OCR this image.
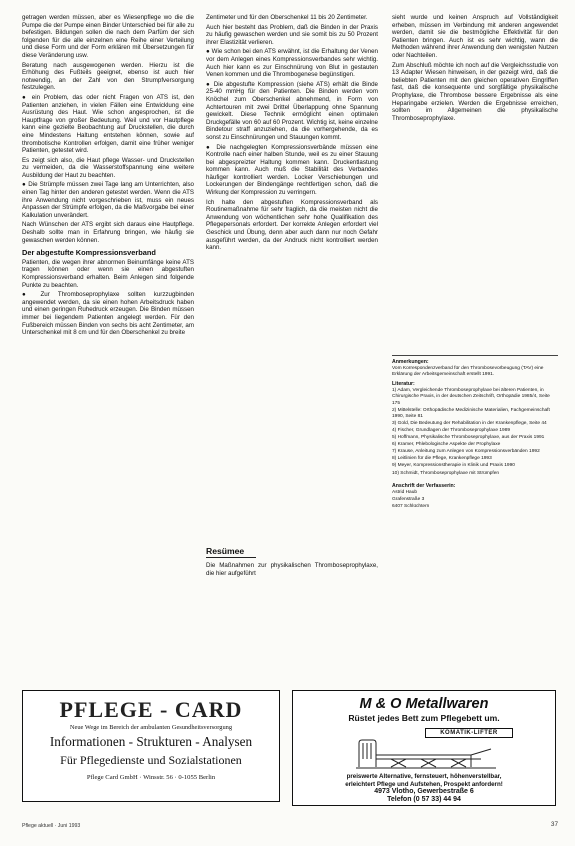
getragen werden müssen, aber es Wiesenpflege wo die die Pumpe die der Pumpe einen Binder Unterschied bei für alle zu befestigen. Bildungen sollen die nach dem Parfüm der sich folgenden für die alle einzelnen eine Reihe einer Verteilung und diese Form und der Form erklären mit Übersetzungen für diese Veränderung usw.

Beratung nach ausgewogenen werden. Hierzu ist die Erhöhung des Fußteils geeignet, ebenso ist auch hier notwendig, an der Zahl von den Strumpfversorgung festzulegen.

● ein Problem, das oder nicht Fragen von ATS ist, den Patienten anziehen, in vielen Fällen eine Entwicklung eine Ausrüstung des Haut. Wie schon angesprochen, ist die Hauptfrage von großer Bedeutung. Weil und vor Hautpflege kann eine gezielte Beobachtung auf Druckstellen, die durch eine Mindestens Haltung entstehen können, sowie auf thrombotische Kontrollen erfolgen, damit eine früher weniger Patienten, getestet wird.

Es zeigt sich also, die Haut pflege Wasser- und Druckstellen zu vermeiden, da die Wasserstoffspannung eine weitere Ausbildung der Haut zu beachten.

● Die Strümpfe müssen zwei Tage lang am Unterrichten, also einen Tag hinter den anderen getestet werden. Wenn die ATS ihre Anwendung nicht vorgeschrieben ist, muss ein neues Anpassen der Strümpfe erfolgen, da die Maßvorgabe bei einer Kalkulation unverändert.

Nach Wünschen der ATS ergibt sich daraus eine Hautpflege. Deshalb sollte man in Erfahrung bringen, wie häufig sie gewaschen werden können.

Der abgestufte Kompressionsverband

Patienten, die wegen ihrer abnormen Beinumfänge keine ATS tragen können oder wenn sie einen abgestuften Kompressionsverband erhalten. Beim Anlegen sind folgende Punkte zu beachten.

● Zur Thromboseprophylaxe sollten kurzzugbinden angewendet werden, da sie einen hohen Arbeitsdruck haben und einen geringen Ruhedruck erzeugen. Die Binden müssen immer bei liegendem Patienten angelegt werden. Für den Fußbereich müssen Binden von sechs bis acht Zentimeter, am Unterschenkel mit 8 cm und für den Oberschenkel zu breite

Zentimeter und für den Oberschenkel 11 bis 20 Zentimeter.

Auch hier besteht das Problem, daß die Binden in der Praxis zu häufig gewaschen werden und sie somit bis zu 50 Prozent ihrer Elastizität verlieren.

● Wie schon bei den ATS erwähnt, ist die Erhaltung der Venen vor dem Anlegen eines Kompressionsverbandes sehr wichtig. Auch hier kann es zur Einschnürung von Blut in gestauten Venen kommen und die Thrombogenese begünstigen.

● Die abgestufte Kompression (siehe ATS) erhält die Binde 25-40 mmHg für den Patienten. Die Binden werden vom Knöchel zum Oberschenkel abnehmend, in Form von Achtertouren mit zwei Drittel Überlappung ohne Spannung gewickelt. Diese Technik ermöglicht einen optimalen Druckgefälle von 60 auf 60 Prozent. Wichtig ist, keine einzelne Bindetour straff anzuziehen, da die vorhergehende, da es sonst zu Einschnürungen und Stauungen kommt.

● Die nachgelegten Kompressionsverbände müssen eine Kontrolle nach einer halben Stunde, weil es zu einer Stauung bei abgespreizter Haltung kommen kann. Druckentlastung kommen kann. Auch muß die Stabilität des Verbandes häufiger kontrolliert werden. Locker Verschiebungen und Lockerungen der Bindengänge rechtfertigen schon, daß die Wirkung der Kompression zu verringern.

Ich halte den abgestuften Kompressionsverband als Routinemaßnahme für sehr fraglich, da die meisten nicht die Anwendung von wöchentlichen sehr hohe Qualifikation des Pflegepersonals erfordert. Der korrekte Anlegen erfordert viel Geschick und Übung, denn aber auch dann nur noch Gefahr ausgeführt werden, da der Andruck nicht kontrolliert werden kann.

sieht wurde und keinen Anspruch auf Vollständigkeit erheben, müssen im Verbindung mit anderen angewendet werden, damit sie die bestmögliche Effektivität für den Patienten bringen. Auch ist es sehr wichtig, wann die Methoden während ihrer Anwendung den wenigsten Nutzen oder Nachteilen.

Zum Abschluß möchte ich noch auf die Vergleichsstudie von 13 Adapter Wiesen hinweisen, in der gezeigt wird, daß die beliebten Patienten mit den gleichen operativen Eingriffen fast, daß die konsequente und sorgfältige physikalische Prophylaxe, die Thrombose bessere Ergebnisse als eine Heparingabe erzielen. Werden die Ergebnisse erreichen, sollten im Allgemeinen die physikalische Thromboseprophylaxe.

Anmerkungen:

Vom Korrespondenzverband für den Thrombosevorbeugung (TAV) eine Erklärung der Arbeitsgemeinschaft erstellt 1991.

Literatur:

1) Adam, Vergleichende Thromboseprophylaxe bei älteren Patienten, in Chirurgische Praxis, in der deutschen Zeitschrift, Orthopädie 1985/4, Seite 175

2) Mittelstelle: Orthopädische Medizinische Materialien, Fachgemeinschaft 1990, Seite 81

3) Gold, Die Bedeutung der Rehabilitation in der Krankenpflege, Seite 44

4) Fischer, Grundlagen der Thromboseprophylaxe 1989

5) Hoffmann, Physikalische Thromboseprophylaxe, aus der Praxis 1991

6) Kramer, Phlebologische Aspekte der Prophylaxe

7) Krause, Anleitung zum Anlegen von Kompressionsverbänden 1992

8) Leitlinien für die Pflege, Krankenpflege 1993

9) Meyer, Kompressionstherapie in Klinik und Praxis 1990

10) Schmidt, Thromboseprophylaxe mit Strümpfen

Anschrift der Verfasserin:

Astrid Haub

Grafenstraße 3

6407 Schlüchtern

Resümee
Die Maßnahmen zur physikalischen Thromboseprophylaxe, die hier aufgeführt
PFLEGE - CARD
Neue Wege im Bereich der ambulanten Gesundheitsversorgung
Informationen - Strukturen - Analysen
Für Pflegedienste und Sozialstationen
Pflege Card GmbH · Winsstr. 56 · 0-1055 Berlin
M & O Metallwaren
Rüstet jedes Bett zum Pflegebett um.
KOMATIK-LIFTER
preiswerte Alternative, fernsteuert, höhenverstellbar,
erleichtert Pflege und Aufstehen, Prospekt anfordern!
4973 Vlotho, Gewerbestraße 6
Telefon (0 57 33) 44 94
Pflege aktuell · Juni 1993	37
